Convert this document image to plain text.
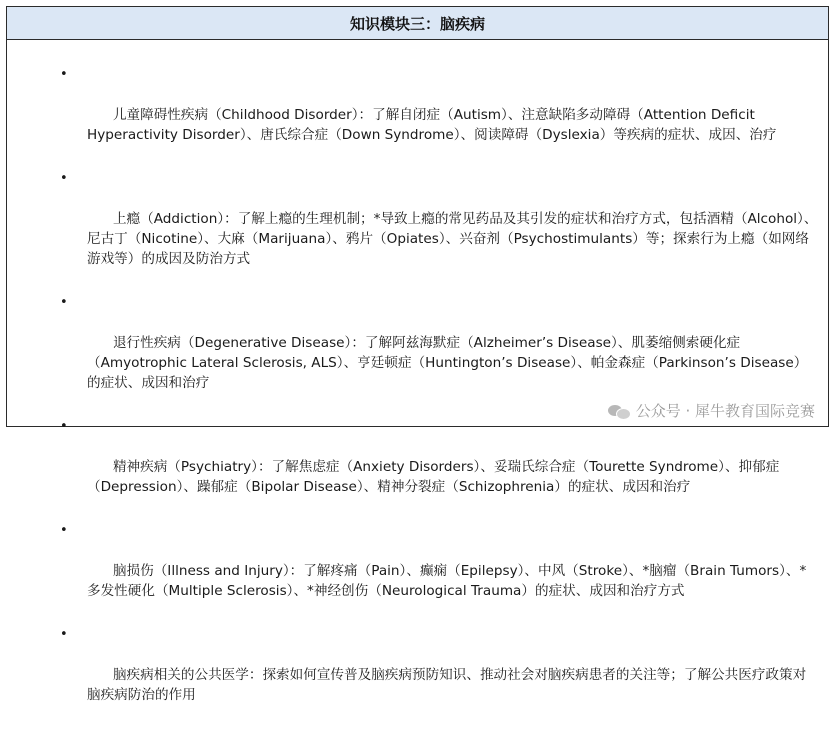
知识模块三：脑疾病

•

儿童障碍性疾病（Childhood Disorder）：了解自闭症（Autism）、注意缺陷多动障碍（Attention Deficit Hyperactivity Disorder）、唐氏综合症（Down Syndrome）、阅读障碍（Dyslexia）等疾病的症状、成因、治疗

•

上瘾（Addiction）：了解上瘾的生理机制；*导致上瘾的常见药品及其引发的症状和治疗方式，包括酒精（Alcohol）、尼古丁（Nicotine）、大麻（Marijuana）、鸦片（Opiates）、兴奋剂（Psychostimulants）等；探索行为上瘾（如网络游戏等）的成因及防治方式

•

退行性疾病（Degenerative Disease）：了解阿兹海默症（Alzheimer’s Disease）、肌萎缩侧索硬化症（Amyotrophic Lateral Sclerosis, ALS）、亨廷顿症（Huntington’s Disease）、帕金森症（Parkinson’s Disease）的症状、成因和治疗

•

精神疾病（Psychiatry）：了解焦虑症（Anxiety Disorders）、妥瑞氏综合症（Tourette Syndrome）、抑郁症（Depression）、躁郁症（Bipolar Disease）、精神分裂症（Schizophrenia）的症状、成因和治疗

•

脑损伤（Illness and Injury）：了解疼痛（Pain）、癫痫（Epilepsy）、中风（Stroke）、*脑瘤（Brain Tumors）、*多发性硬化（Multiple Sclerosis）、*神经创伤（Neurological Trauma）的症状、成因和治疗方式

•

脑疾病相关的公共医学：探索如何宣传普及脑疾病预防知识、推动社会对脑疾病患者的关注等；了解公共医疗政策对脑疾病防治的作用

公众号 · 犀牛教育国际竞赛
